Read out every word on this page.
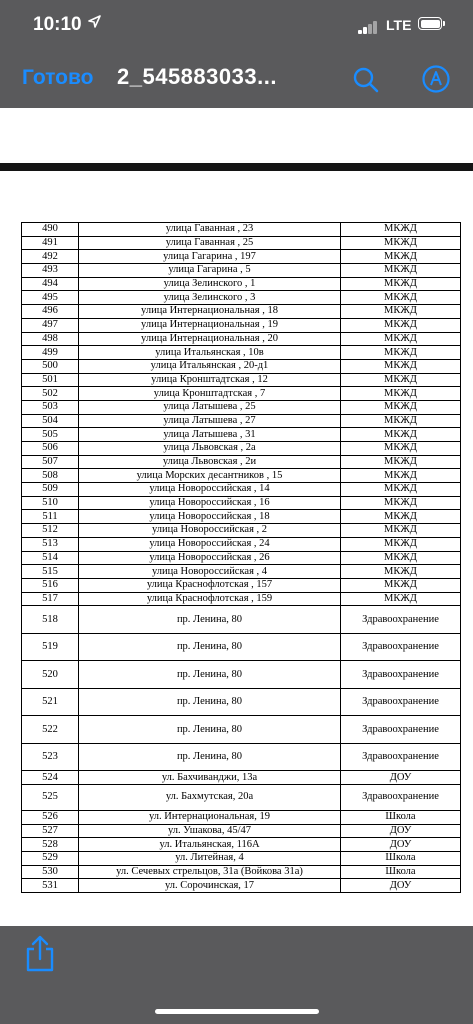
10:10	LTE
Готово 2_545883033...
490	улица Гаванная , 23	МКЖД
491	улица Гаванная , 25	МКЖД
492	улица Гагарина , 197	МКЖД
493	улица Гагарина , 5	МКЖД
494	улица Зелинского , 1	МКЖД
495	улица Зелинского , 3	МКЖД
496	улица Интернациональная , 18	МКЖД
497	улица Интернациональная , 19	МКЖД
498	улица Интернациональная , 20	МКЖД
499	улица Итальянская , 10в	МКЖД
500	улица Итальянская , 20-д1	МКЖД
501	улица Кронштадтская , 12	МКЖД
502	улица Кронштадтская , 7	МКЖД
503	улица Латышева , 25	МКЖД
504	улица Латышева , 27	МКЖД
505	улица Латышева , 31	МКЖД
506	улица Львовская , 2а	МКЖД
507	улица Львовская , 2и	МКЖД
508	улица Морских десантников , 15	МКЖД
509	улица Новороссийская , 14	МКЖД
510	улица Новороссийская , 16	МКЖД
511	улица Новороссийская , 18	МКЖД
512	улица Новороссийская , 2	МКЖД
513	улица Новороссийская , 24	МКЖД
514	улица Новороссийская , 26	МКЖД
515	улица Новороссийская , 4	МКЖД
516	улица Краснофлотская , 157	МКЖД
517	улица Краснофлотская , 159	МКЖД
518	пр. Ленина, 80	Здравоохранение
519	пр. Ленина, 80	Здравоохранение
520	пр. Ленина, 80	Здравоохранение
521	пр. Ленина, 80	Здравоохранение
522	пр. Ленина, 80	Здравоохранение
523	пр. Ленина, 80	Здравоохранение
524	ул. Бахчиванджи, 13а	ДОУ
525	ул. Бахмутская, 20а	Здравоохранение
526	ул. Интернациональная, 19	Школа
527	ул. Ушакова, 45/47	ДОУ
528	ул. Итальянская, 116А	ДОУ
529	ул. Литейная, 4	Школа
530	ул. Сечевых стрельцов, 31а (Войкова 31а)	Школа
531	ул. Сорочинская, 17	ДОУ
